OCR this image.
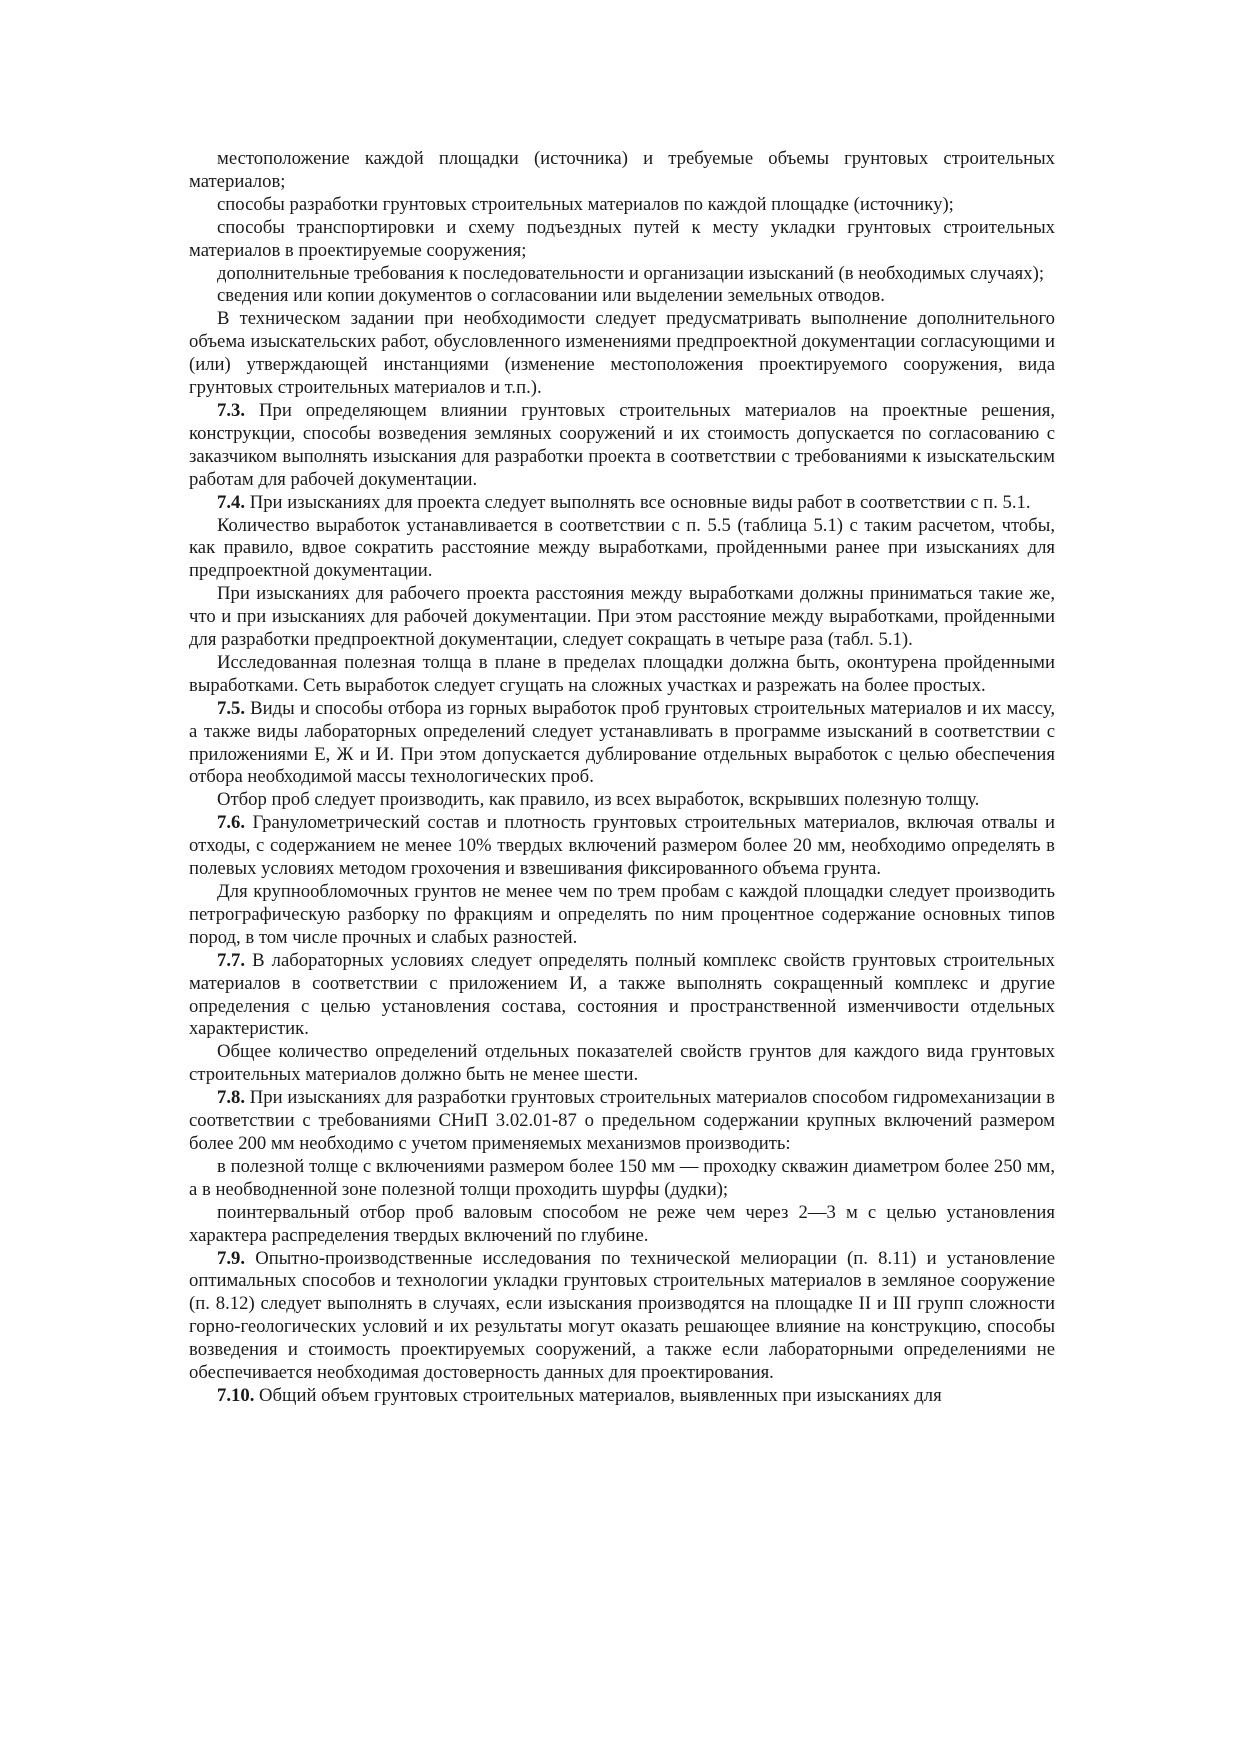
местоположение каждой площадки (источника) и требуемые объемы грунтовых строительных материалов;

способы разработки грунтовых строительных материалов по каждой площадке (источнику);

способы транспортировки и схему подъездных путей к месту укладки грунтовых строительных материалов в проектируемые сооружения;

дополнительные требования к последовательности и организации изысканий (в необходимых случаях);

сведения или копии документов о согласовании или выделении земельных отводов.

В техническом задании при необходимости следует предусматривать выполнение дополнительного объема изыскательских работ, обусловленного изменениями предпроектной документации согласующими и (или) утверждающей инстанциями (изменение местоположения проектируемого сооружения, вида грунтовых строительных материалов и т.п.).

7.3. При определяющем влиянии грунтовых строительных материалов на проектные решения, конструкции, способы возведения земляных сооружений и их стоимость допускается по согласованию с заказчиком выполнять изыскания для разработки проекта в соответствии с требованиями к изыскательским работам для рабочей документации.

7.4. При изысканиях для проекта следует выполнять все основные виды работ в соответствии с п. 5.1.

Количество выработок устанавливается в соответствии с п. 5.5 (таблица 5.1) с таким расчетом, чтобы, как правило, вдвое сократить расстояние между выработками, пройденными ранее при изысканиях для предпроектной документации.

При изысканиях для рабочего проекта расстояния между выработками должны приниматься такие же, что и при изысканиях для рабочей документации. При этом расстояние между выработками, пройденными для разработки предпроектной документации, следует сокращать в четыре раза (табл. 5.1).

Исследованная полезная толща в плане в пределах площадки должна быть, оконтурена пройденными выработками. Сеть выработок следует сгущать на сложных участках и разрежать на более простых.

7.5. Виды и способы отбора из горных выработок проб грунтовых строительных материалов и их массу, а также виды лабораторных определений следует устанавливать в программе изысканий в соответствии с приложениями Е, Ж и И. При этом допускается дублирование отдельных выработок с целью обеспечения отбора необходимой массы технологических проб.

Отбор проб следует производить, как правило, из всех выработок, вскрывших полезную толщу.

7.6. Гранулометрический состав и плотность грунтовых строительных материалов, включая отвалы и отходы, с содержанием не менее 10% твердых включений размером более 20 мм, необходимо определять в полевых условиях методом грохочения и взвешивания фиксированного объема грунта.

Для крупнообломочных грунтов не менее чем по трем пробам с каждой площадки следует производить петрографическую разборку по фракциям и определять по ним процентное содержание основных типов пород, в том числе прочных и слабых разностей.

7.7. В лабораторных условиях следует определять полный комплекс свойств грунтовых строительных материалов в соответствии с приложением И, а также выполнять сокращенный комплекс и другие определения с целью установления состава, состояния и пространственной изменчивости отдельных характеристик.

Общее количество определений отдельных показателей свойств грунтов для каждого вида грунтовых строительных материалов должно быть не менее шести.

7.8. При изысканиях для разработки грунтовых строительных материалов способом гидромеханизации в соответствии с требованиями СНиП 3.02.01-87 о предельном содержании крупных включений размером более 200 мм необходимо с учетом применяемых механизмов производить:

в полезной толще с включениями размером более 150 мм — проходку скважин диаметром более 250 мм, а в необводненной зоне полезной толщи проходить шурфы (дудки);

поинтервальный отбор проб валовым способом не реже чем через 2—3 м с целью установления характера распределения твердых включений по глубине.

7.9. Опытно-производственные исследования по технической мелиорации (п. 8.11) и установление оптимальных способов и технологии укладки грунтовых строительных материалов в земляное сооружение (п. 8.12) следует выполнять в случаях, если изыскания производятся на площадке II и III групп сложности горно-геологических условий и их результаты могут оказать решающее влияние на конструкцию, способы возведения и стоимость проектируемых сооружений, а также если лабораторными определениями не обеспечивается необходимая достоверность данных для проектирования.

7.10. Общий объем грунтовых строительных материалов, выявленных при изысканиях для
